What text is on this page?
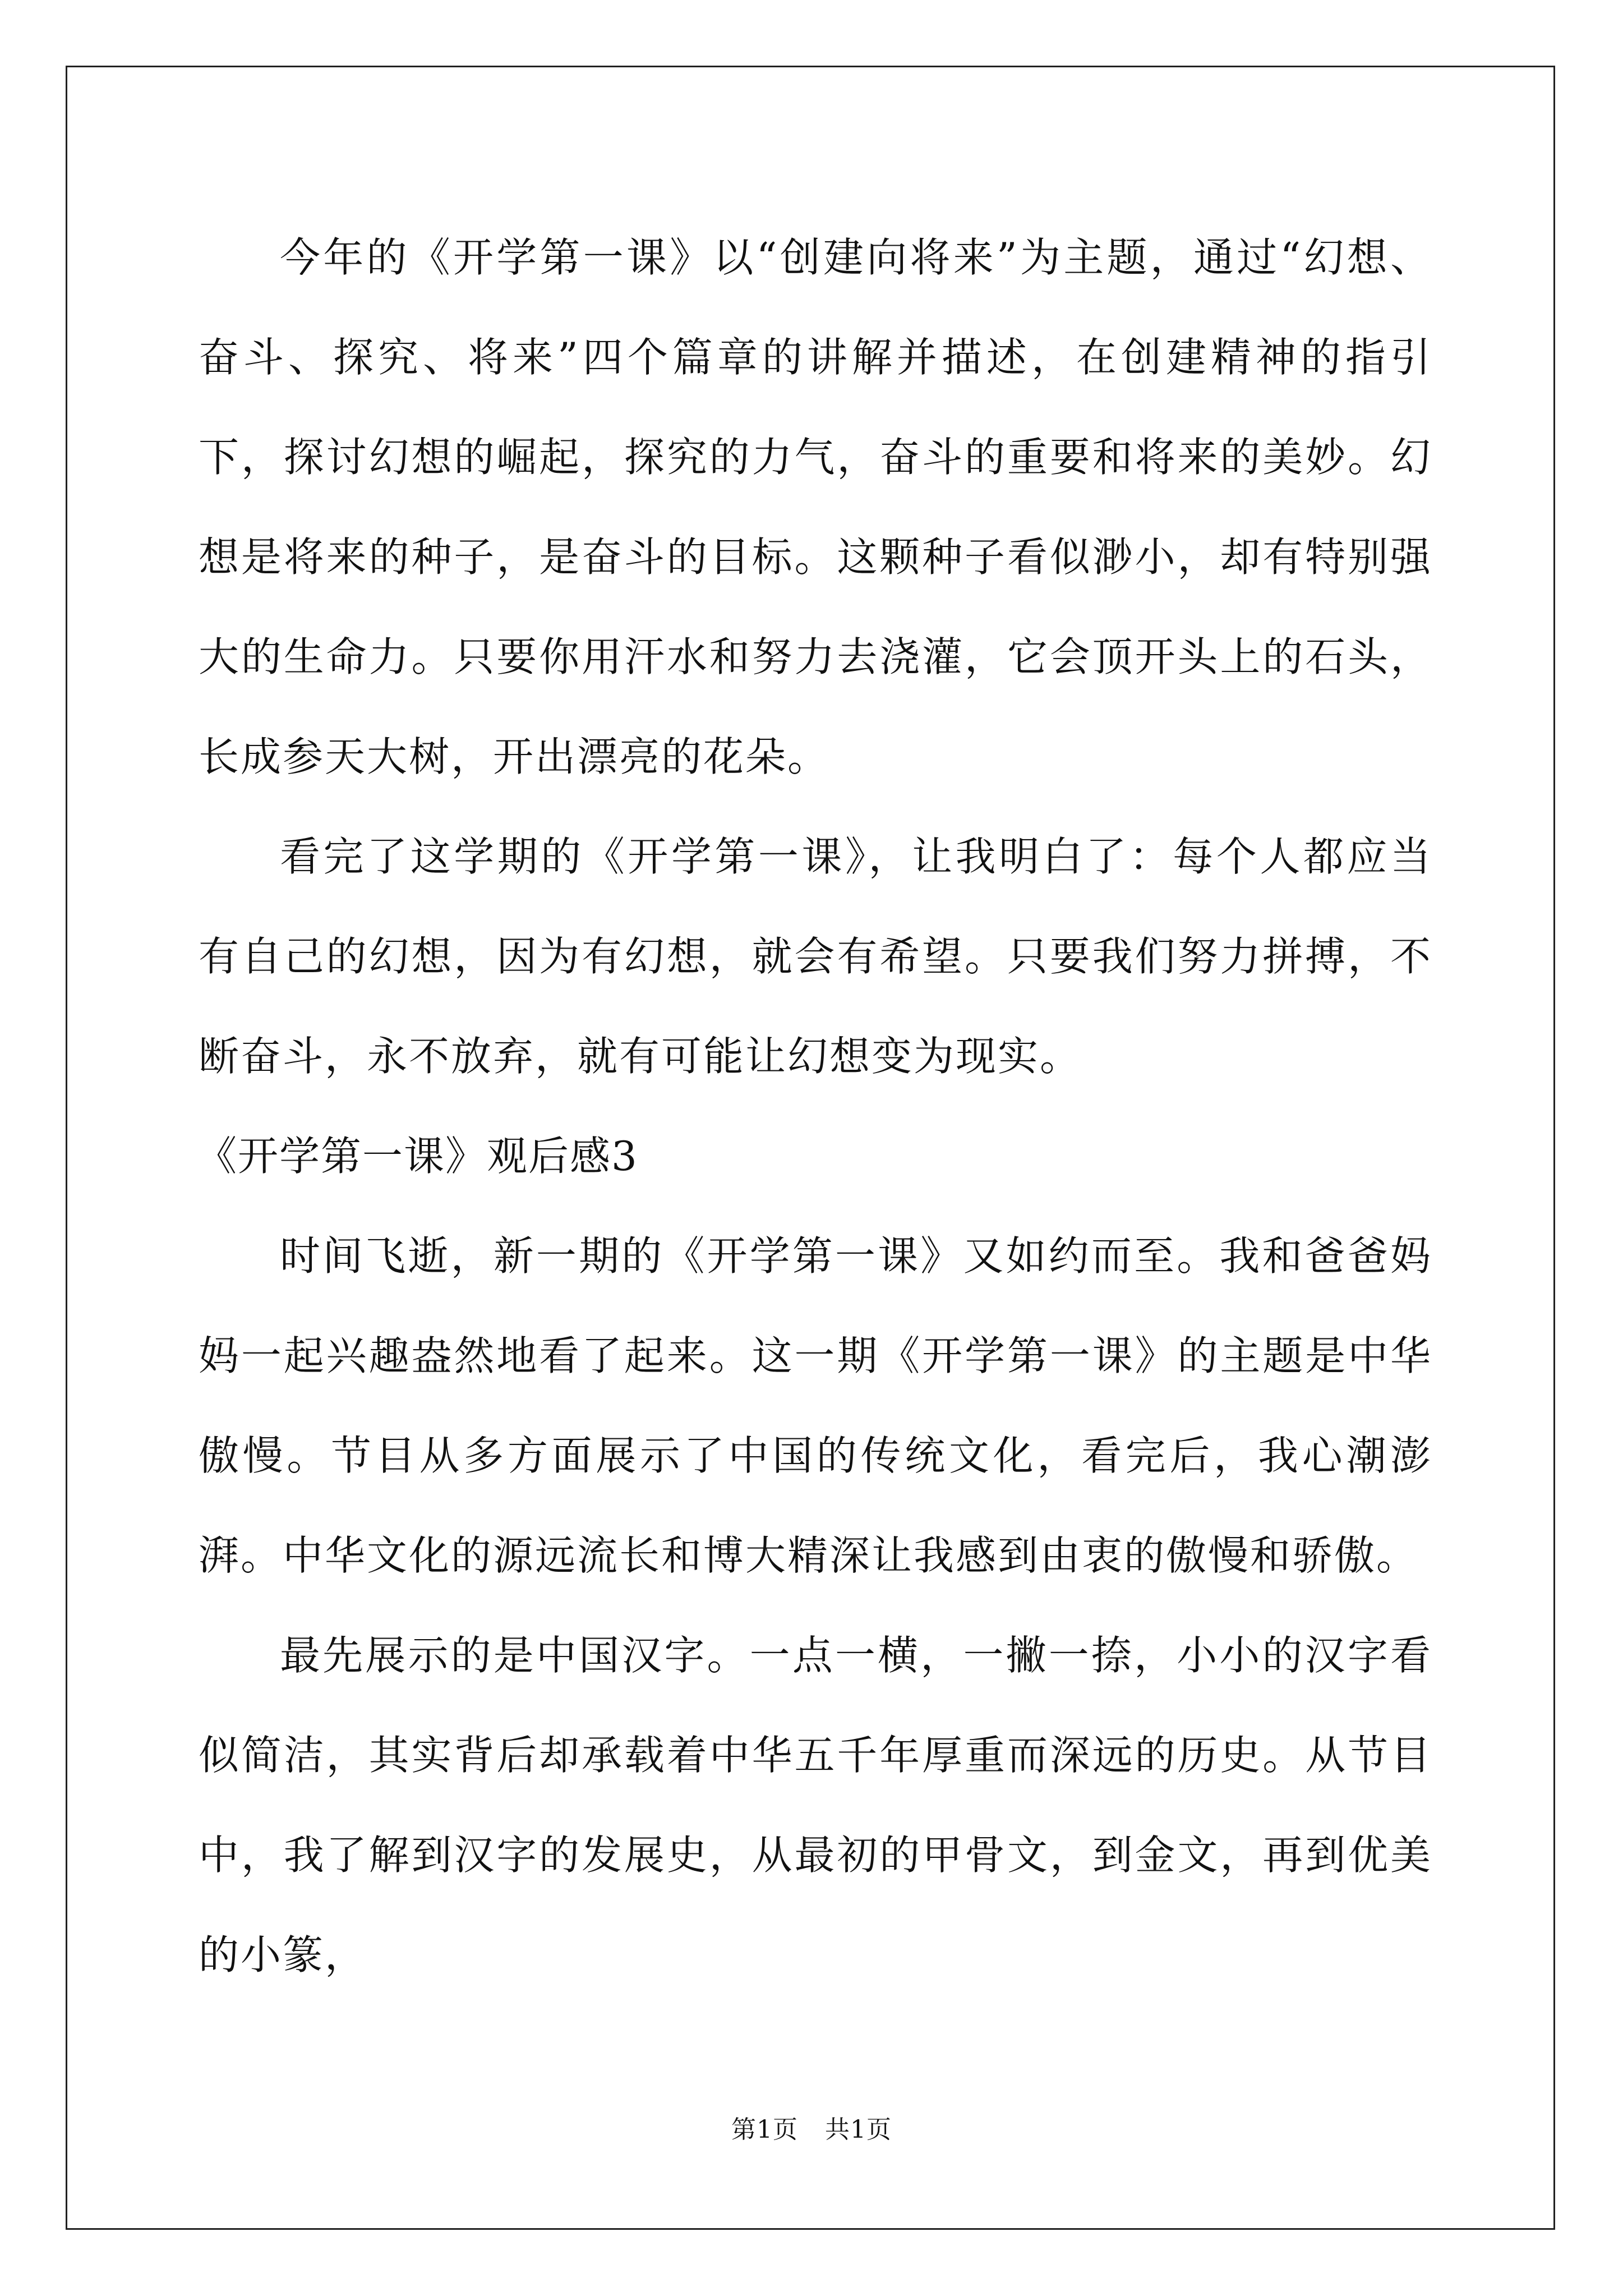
今年的《开学第一课》以“创建向将来”为主题，通过“幻想、奋斗、探究、将来”四个篇章的讲解并描述，在创建精神的指引下，探讨幻想的崛起，探究的力气，奋斗的重要和将来的美妙。幻想是将来的种子，是奋斗的目标。这颗种子看似渺小，却有特别强大的生命力。只要你用汗水和努力去浇灌，它会顶开头上的石头，长成参天大树，开出漂亮的花朵。

看完了这学期的《开学第一课》，让我明白了：每个人都应当有自己的幻想，因为有幻想，就会有希望。只要我们努力拼搏，不断奋斗，永不放弃，就有可能让幻想变为现实。

《开学第一课》观后感3

时间飞逝，新一期的《开学第一课》又如约而至。我和爸爸妈妈一起兴趣盎然地看了起来。这一期《开学第一课》的主题是中华傲慢。节目从多方面展示了中国的传统文化，看完后，我心潮澎湃。中华文化的源远流长和博大精深让我感到由衷的傲慢和骄傲。

最先展示的是中国汉字。一点一横，一撇一捺，小小的汉字看似简洁，其实背后却承载着中华五千年厚重而深远的历史。从节目中，我了解到汉字的发展史，从最初的甲骨文，到金文，再到优美的小篆，

第1页 共1页
